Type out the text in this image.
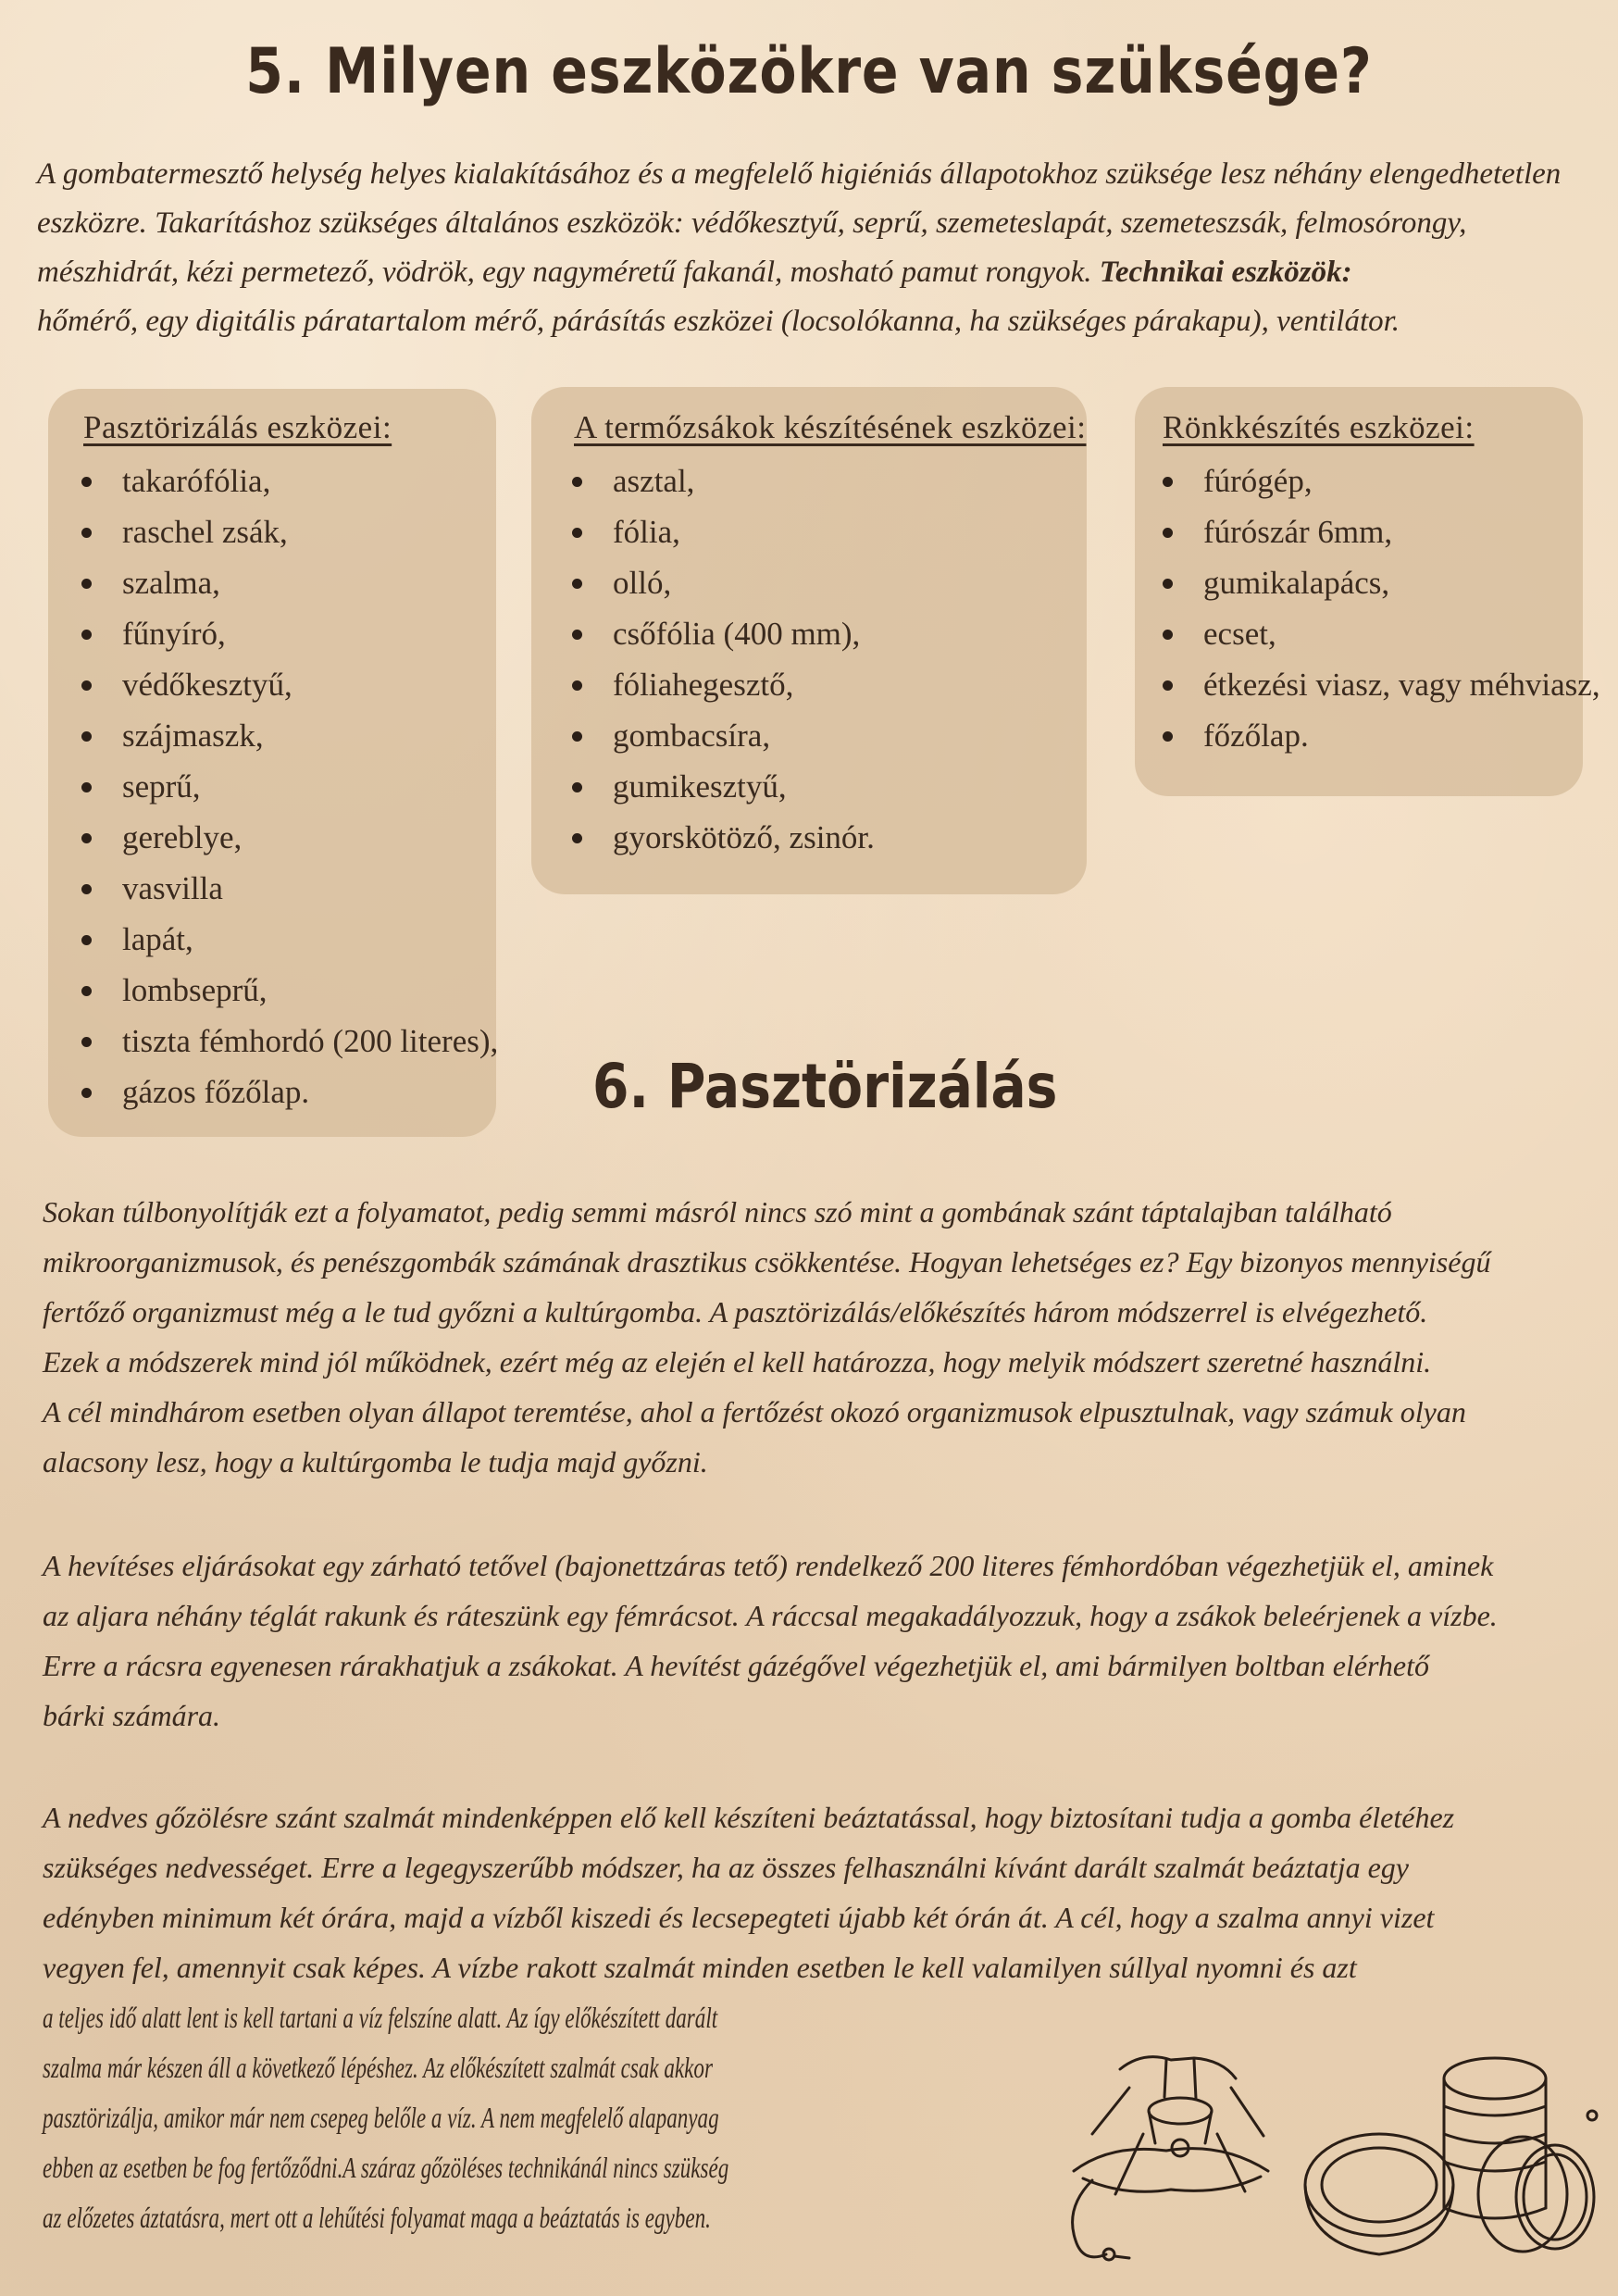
5. Milyen eszközökre van szüksége?
A gombatermesztő helység helyes kialakításához és a megfelelő higiéniás állapotokhoz szüksége lesz néhány elengedhetetlen
eszközre. Takarításhoz szükséges általános eszközök: védőkesztyű, seprű, szemeteslapát, szemeteszsák, felmosórongy,
mészhidrát, kézi permetező, vödrök, egy nagyméretű fakanál, mosható pamut rongyok. Technikai eszközök:
hőmérő, egy digitális páratartalom mérő, párásítás eszközei (locsolókanna, ha szükséges párakapu), ventilátor.
Pasztörizálás eszközei:
takarófólia,
raschel zsák,
szalma,
fűnyíró,
védőkesztyű,
szájmaszk,
seprű,
gereblye,
vasvilla
lapát,
lombseprű,
tiszta fémhordó (200 literes),
gázos főzőlap.
A termőzsákok készítésének eszközei:
asztal,
fólia,
olló,
csőfólia (400 mm),
fóliahegesztő,
gombacsíra,
gumikesztyű,
gyorskötöző, zsinór.
Rönkkészítés eszközei:
fúrógép,
fúrószár 6mm,
gumikalapács,
ecset,
étkezési viasz, vagy méhviasz,
főzőlap.
6. Pasztörizálás
Sokan túlbonyolítják ezt a folyamatot, pedig semmi másról nincs szó mint a gombának szánt táptalajban található
mikroorganizmusok, és penészgombák számának drasztikus csökkentése. Hogyan lehetséges ez? Egy bizonyos mennyiségű
fertőző organizmust még a le tud győzni a kultúrgomba. A pasztörizálás/előkészítés három módszerrel is elvégezhető.
Ezek a módszerek mind jól működnek, ezért még az elején el kell határozza, hogy melyik módszert szeretné használni.
A cél mindhárom esetben olyan állapot teremtése, ahol a fertőzést okozó organizmusok elpusztulnak, vagy számuk olyan
alacsony lesz, hogy a kultúrgomba le tudja majd győzni.
A hevítéses eljárásokat egy zárható tetővel (bajonettzáras tető) rendelkező 200 literes fémhordóban végezhetjük el, aminek
az aljara néhány téglát rakunk és ráteszünk egy fémrácsot. A ráccsal megakadályozzuk, hogy a zsákok beleérjenek a vízbe.
Erre a rácsra egyenesen rárakhatjuk a zsákokat. A hevítést gázégővel végezhetjük el, ami bármilyen boltban elérhető
bárki számára.
A nedves gőzölésre szánt szalmát mindenképpen elő kell készíteni beáztatással, hogy biztosítani tudja a gomba életéhez
szükséges nedvességet. Erre a legegyszerűbb módszer, ha az összes felhasználni kívánt darált szalmát beáztatja egy
edényben minimum két órára, majd a vízből kiszedi és lecsepegteti újabb két órán át. A cél, hogy a szalma annyi vizet
vegyen fel, amennyit csak képes. A vízbe rakott szalmát minden esetben le kell valamilyen súllyal nyomni és azt
a teljes idő alatt lent is kell tartani a víz felszíne alatt. Az így előkészített darált
szalma már készen áll a következő lépéshez. Az előkészített szalmát csak akkor
pasztörizálja, amikor már nem csepeg belőle a víz. A nem megfelelő alapanyag
ebben az esetben be fog fertőződni.A száraz gőzöléses technikánál nincs szükség
az előzetes áztatásra, mert ott a lehűtési folyamat maga a beáztatás is egyben.
